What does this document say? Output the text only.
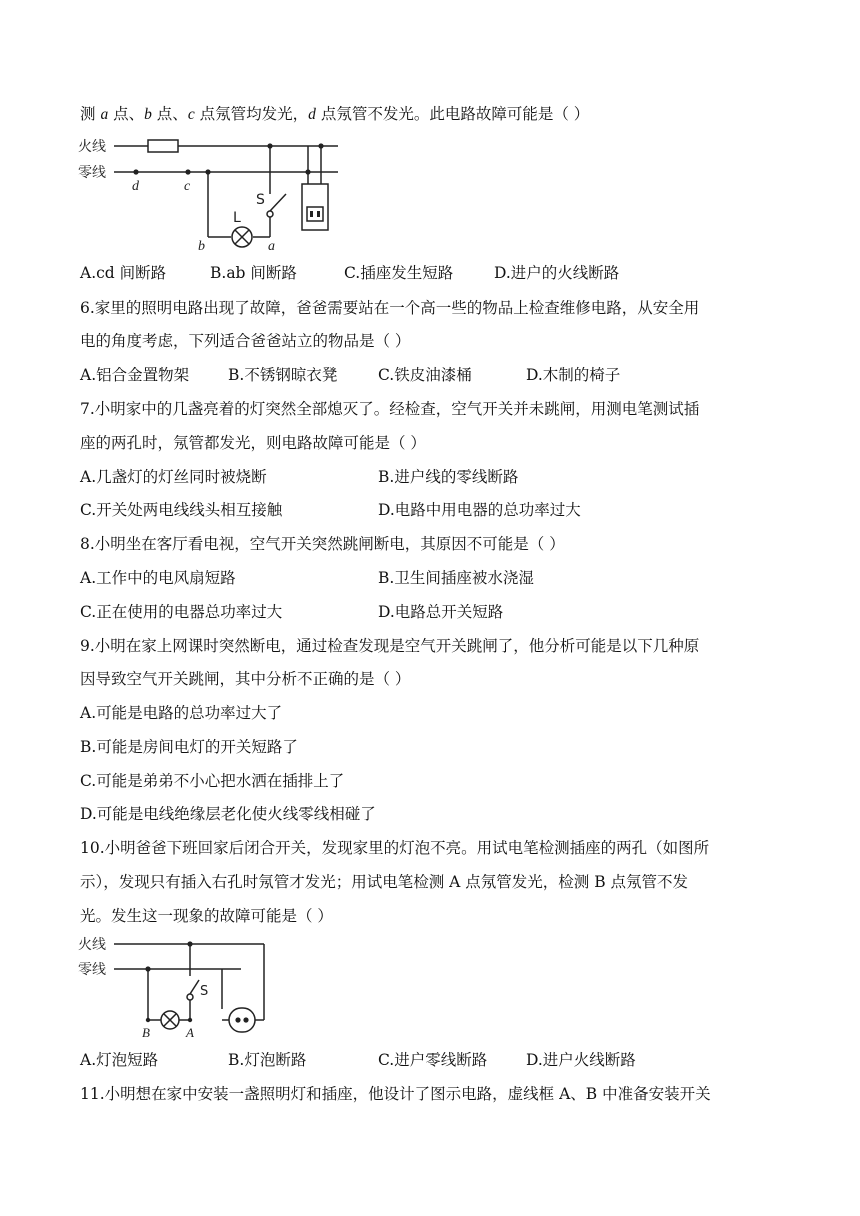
测 a 点、b 点、c 点氖管均发光，d 点氖管不发光。此电路故障可能是（ ）
火线
零线
d	c
b	a
L
S
A.cd 间断路	B.ab 间断路	C.插座发生短路	D.进户的火线断路
6.家里的照明电路出现了故障，爸爸需要站在一个高一些的物品上检查维修电路，从安全用
电的角度考虑，下列适合爸爸站立的物品是（ ）
A.铝合金置物架	B.不锈钢晾衣凳	C.铁皮油漆桶	D.木制的椅子
7.小明家中的几盏亮着的灯突然全部熄灭了。经检查，空气开关并未跳闸，用测电笔测试插
座的两孔时，氖管都发光，则电路故障可能是（ ）
A.几盏灯的灯丝同时被烧断	B.进户线的零线断路
C.开关处两电线线头相互接触	D.电路中用电器的总功率过大
8.小明坐在客厅看电视，空气开关突然跳闸断电，其原因不可能是（ ）
A.工作中的电风扇短路	B.卫生间插座被水浇湿
C.正在使用的电器总功率过大	D.电路总开关短路
9.小明在家上网课时突然断电，通过检查发现是空气开关跳闸了，他分析可能是以下几种原
因导致空气开关跳闸，其中分析不正确的是（ ）
A.可能是电路的总功率过大了
B.可能是房间电灯的开关短路了
C.可能是弟弟不小心把水洒在插排上了
D.可能是电线绝缘层老化使火线零线相碰了
10.小明爸爸下班回家后闭合开关，发现家里的灯泡不亮。用试电笔检测插座的两孔（如图所
示），发现只有插入右孔时氖管才发光；用试电笔检测 A 点氖管发光，检测 B 点氖管不发
光。发生这一现象的故障可能是（ ）
火线
零线
S
B	A
A.灯泡短路	B.灯泡断路	C.进户零线断路	D.进户火线断路
11.小明想在家中安装一盏照明灯和插座，他设计了图示电路，虚线框 A、B 中准备安装开关
